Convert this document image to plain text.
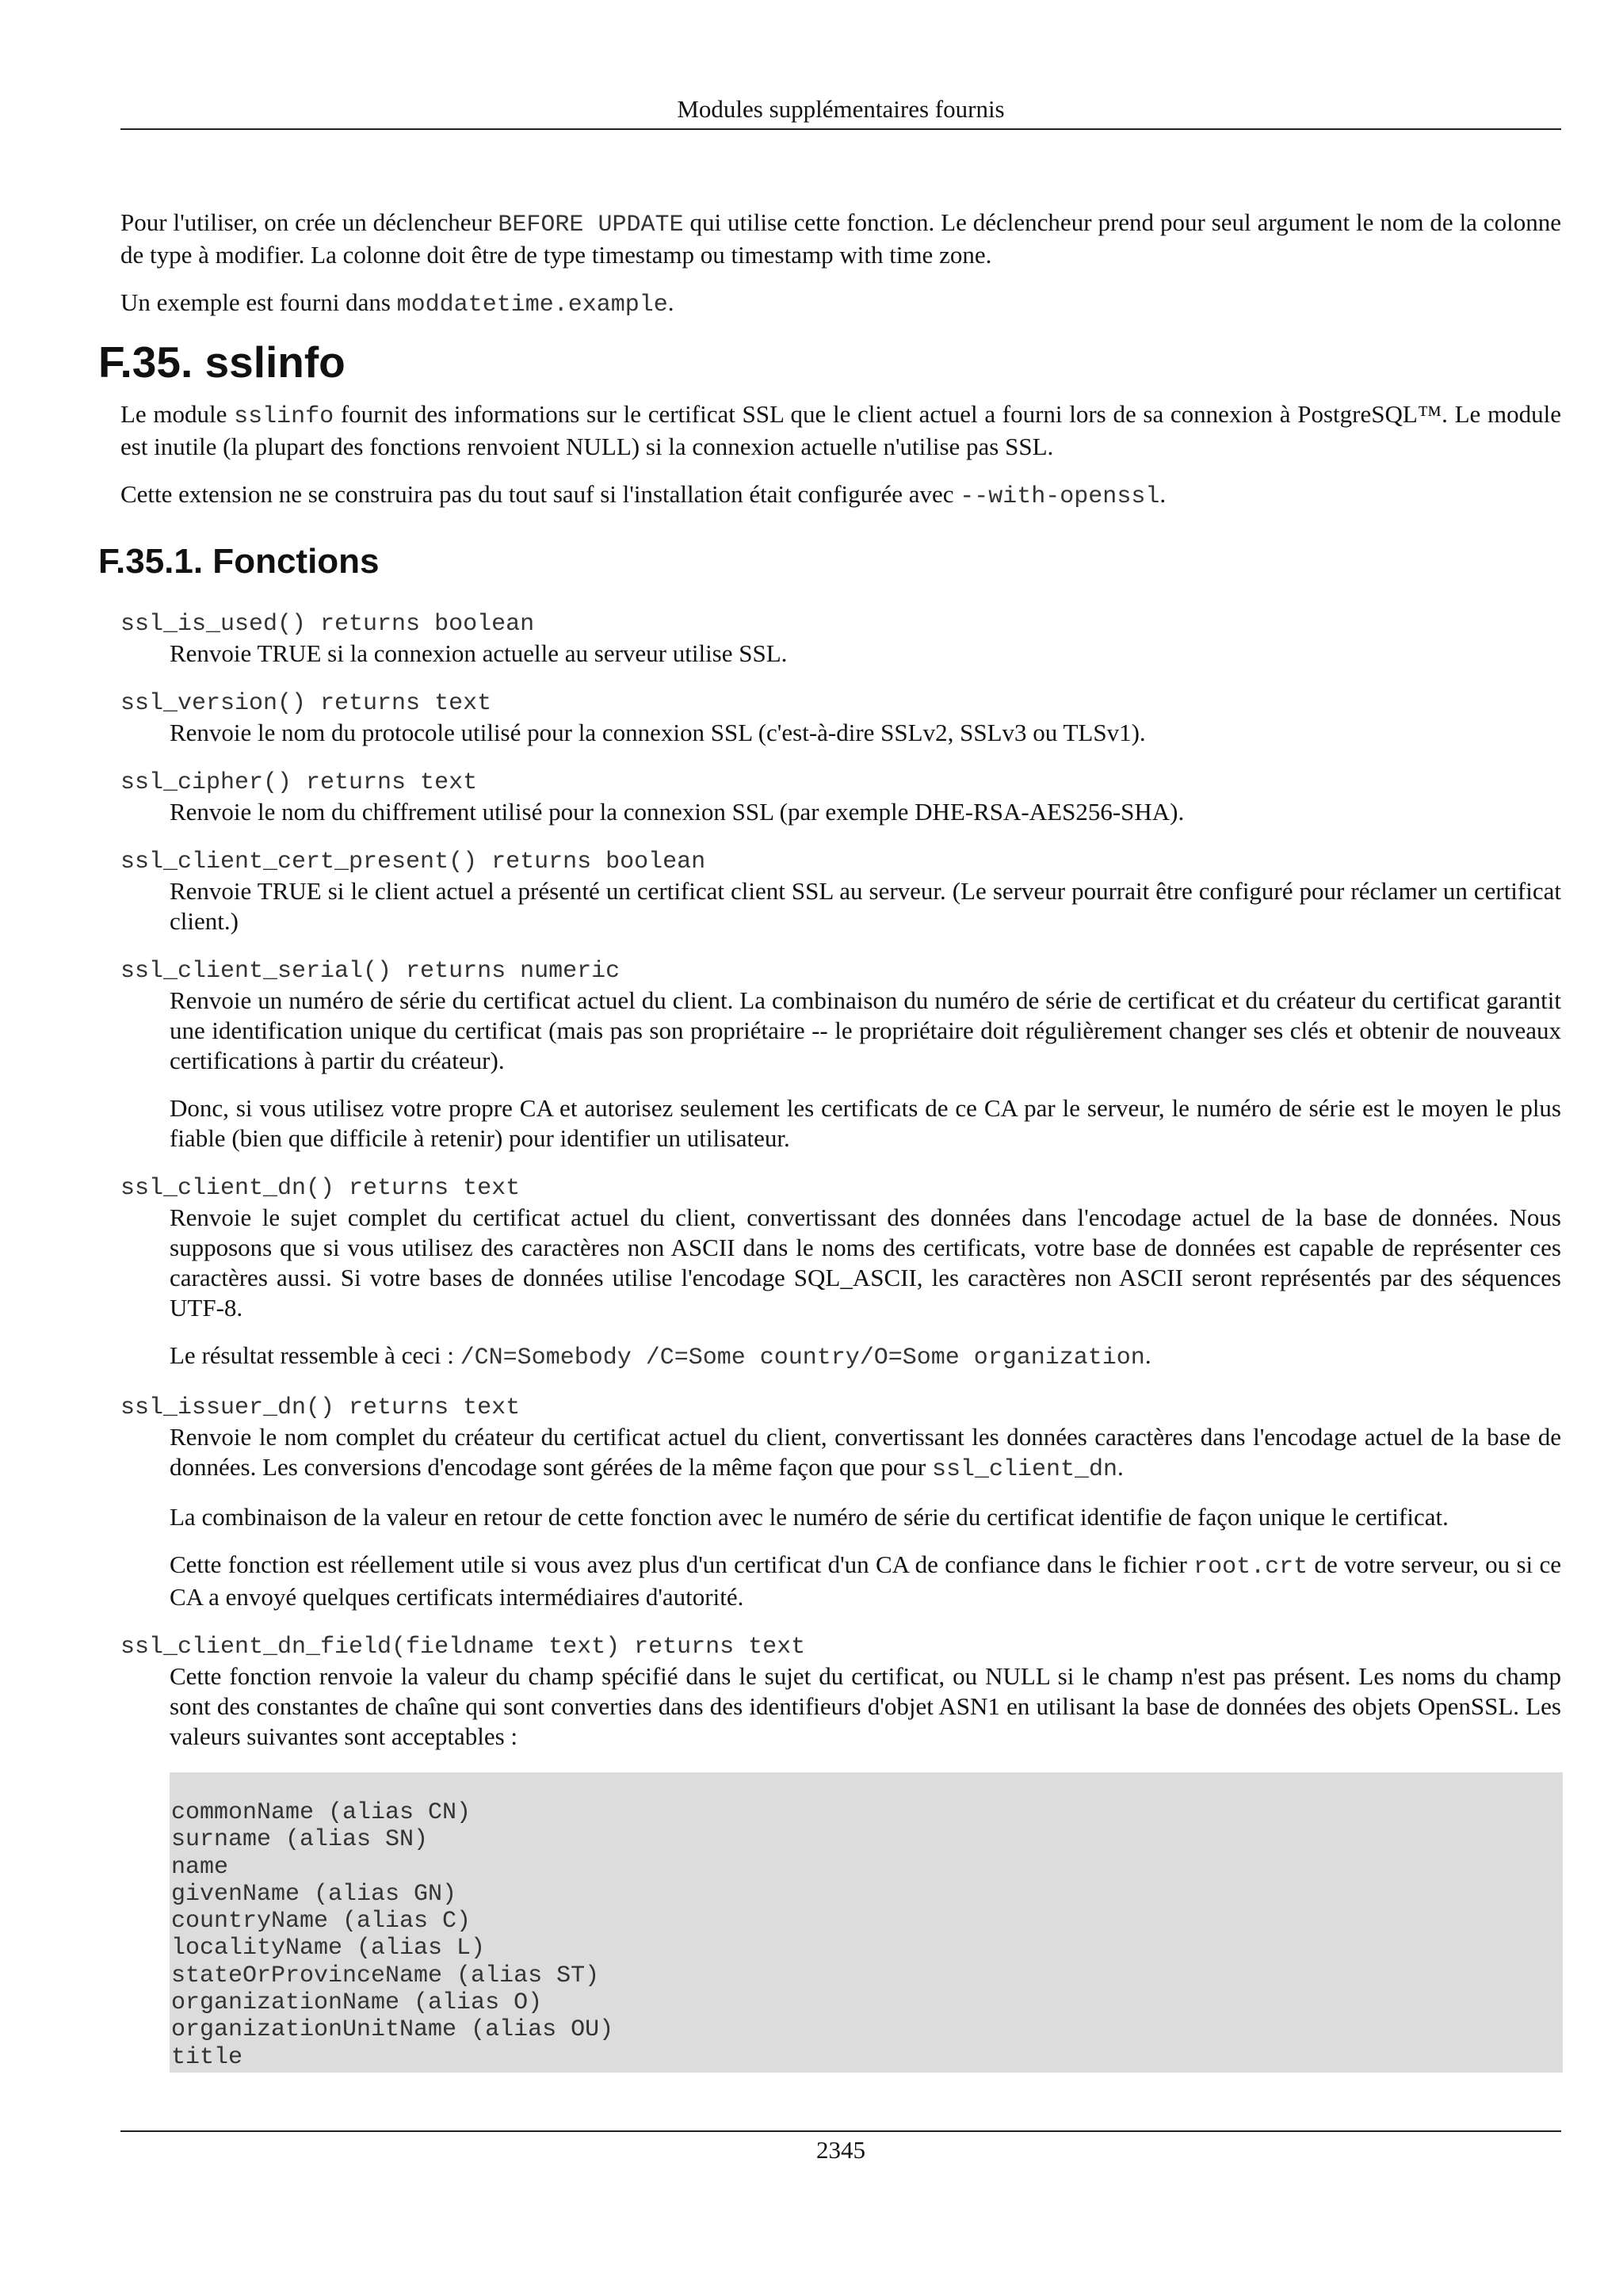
Modules supplémentaires fournis

Pour l'utiliser, on crée un déclencheur BEFORE UPDATE qui utilise cette fonction. Le déclencheur prend pour seul argument le nom de la colonne de type à modifier. La colonne doit être de type timestamp ou timestamp with time zone.

Un exemple est fourni dans moddatetime.example.

F.35. sslinfo

Le module sslinfo fournit des informations sur le certificat SSL que le client actuel a fourni lors de sa connexion à PostgreSQL™. Le module est inutile (la plupart des fonctions renvoient NULL) si la connexion actuelle n'utilise pas SSL.

Cette extension ne se construira pas du tout sauf si l'installation était configurée avec --with-openssl.

F.35.1. Fonctions
ssl_is_used() returns boolean

Renvoie TRUE si la connexion actuelle au serveur utilise SSL.

ssl_version() returns text

Renvoie le nom du protocole utilisé pour la connexion SSL (c'est-à-dire SSLv2, SSLv3 ou TLSv1).

ssl_cipher() returns text

Renvoie le nom du chiffrement utilisé pour la connexion SSL (par exemple DHE-RSA-AES256-SHA).

ssl_client_cert_present() returns boolean

Renvoie TRUE si le client actuel a présenté un certificat client SSL au serveur. (Le serveur pourrait être configuré pour réclamer un certificat client.)

ssl_client_serial() returns numeric

Renvoie un numéro de série du certificat actuel du client. La combinaison du numéro de série de certificat et du créateur du certificat garantit une identification unique du certificat (mais pas son propriétaire -- le propriétaire doit régulièrement changer ses clés et obtenir de nouveaux certifications à partir du créateur).

Donc, si vous utilisez votre propre CA et autorisez seulement les certificats de ce CA par le serveur, le numéro de série est le moyen le plus fiable (bien que difficile à retenir) pour identifier un utilisateur.

ssl_client_dn() returns text

Renvoie le sujet complet du certificat actuel du client, convertissant des données dans l'encodage actuel de la base de données. Nous supposons que si vous utilisez des caractères non ASCII dans le noms des certificats, votre base de données est capable de représenter ces caractères aussi. Si votre bases de données utilise l'encodage SQL_ASCII, les caractères non ASCII seront représentés par des séquences UTF-8.

Le résultat ressemble à ceci : /CN=Somebody /C=Some country/O=Some organization.

ssl_issuer_dn() returns text

Renvoie le nom complet du créateur du certificat actuel du client, convertissant les données caractères dans l'encodage actuel de la base de données. Les conversions d'encodage sont gérées de la même façon que pour ssl_client_dn.

La combinaison de la valeur en retour de cette fonction avec le numéro de série du certificat identifie de façon unique le certificat.

Cette fonction est réellement utile si vous avez plus d'un certificat d'un CA de confiance dans le fichier root.crt de votre serveur, ou si ce CA a envoyé quelques certificats intermédiaires d'autorité.

ssl_client_dn_field(fieldname text) returns text

Cette fonction renvoie la valeur du champ spécifié dans le sujet du certificat, ou NULL si le champ n'est pas présent. Les noms du champ sont des constantes de chaîne qui sont converties dans des identifieurs d'objet ASN1 en utilisant la base de données des objets OpenSSL. Les valeurs suivantes sont acceptables :

commonName (alias CN)
surname (alias SN)
name
givenName (alias GN)
countryName (alias C)
localityName (alias L)
stateOrProvinceName (alias ST)
organizationName (alias O)
organizationUnitName (alias OU)
title
2345
